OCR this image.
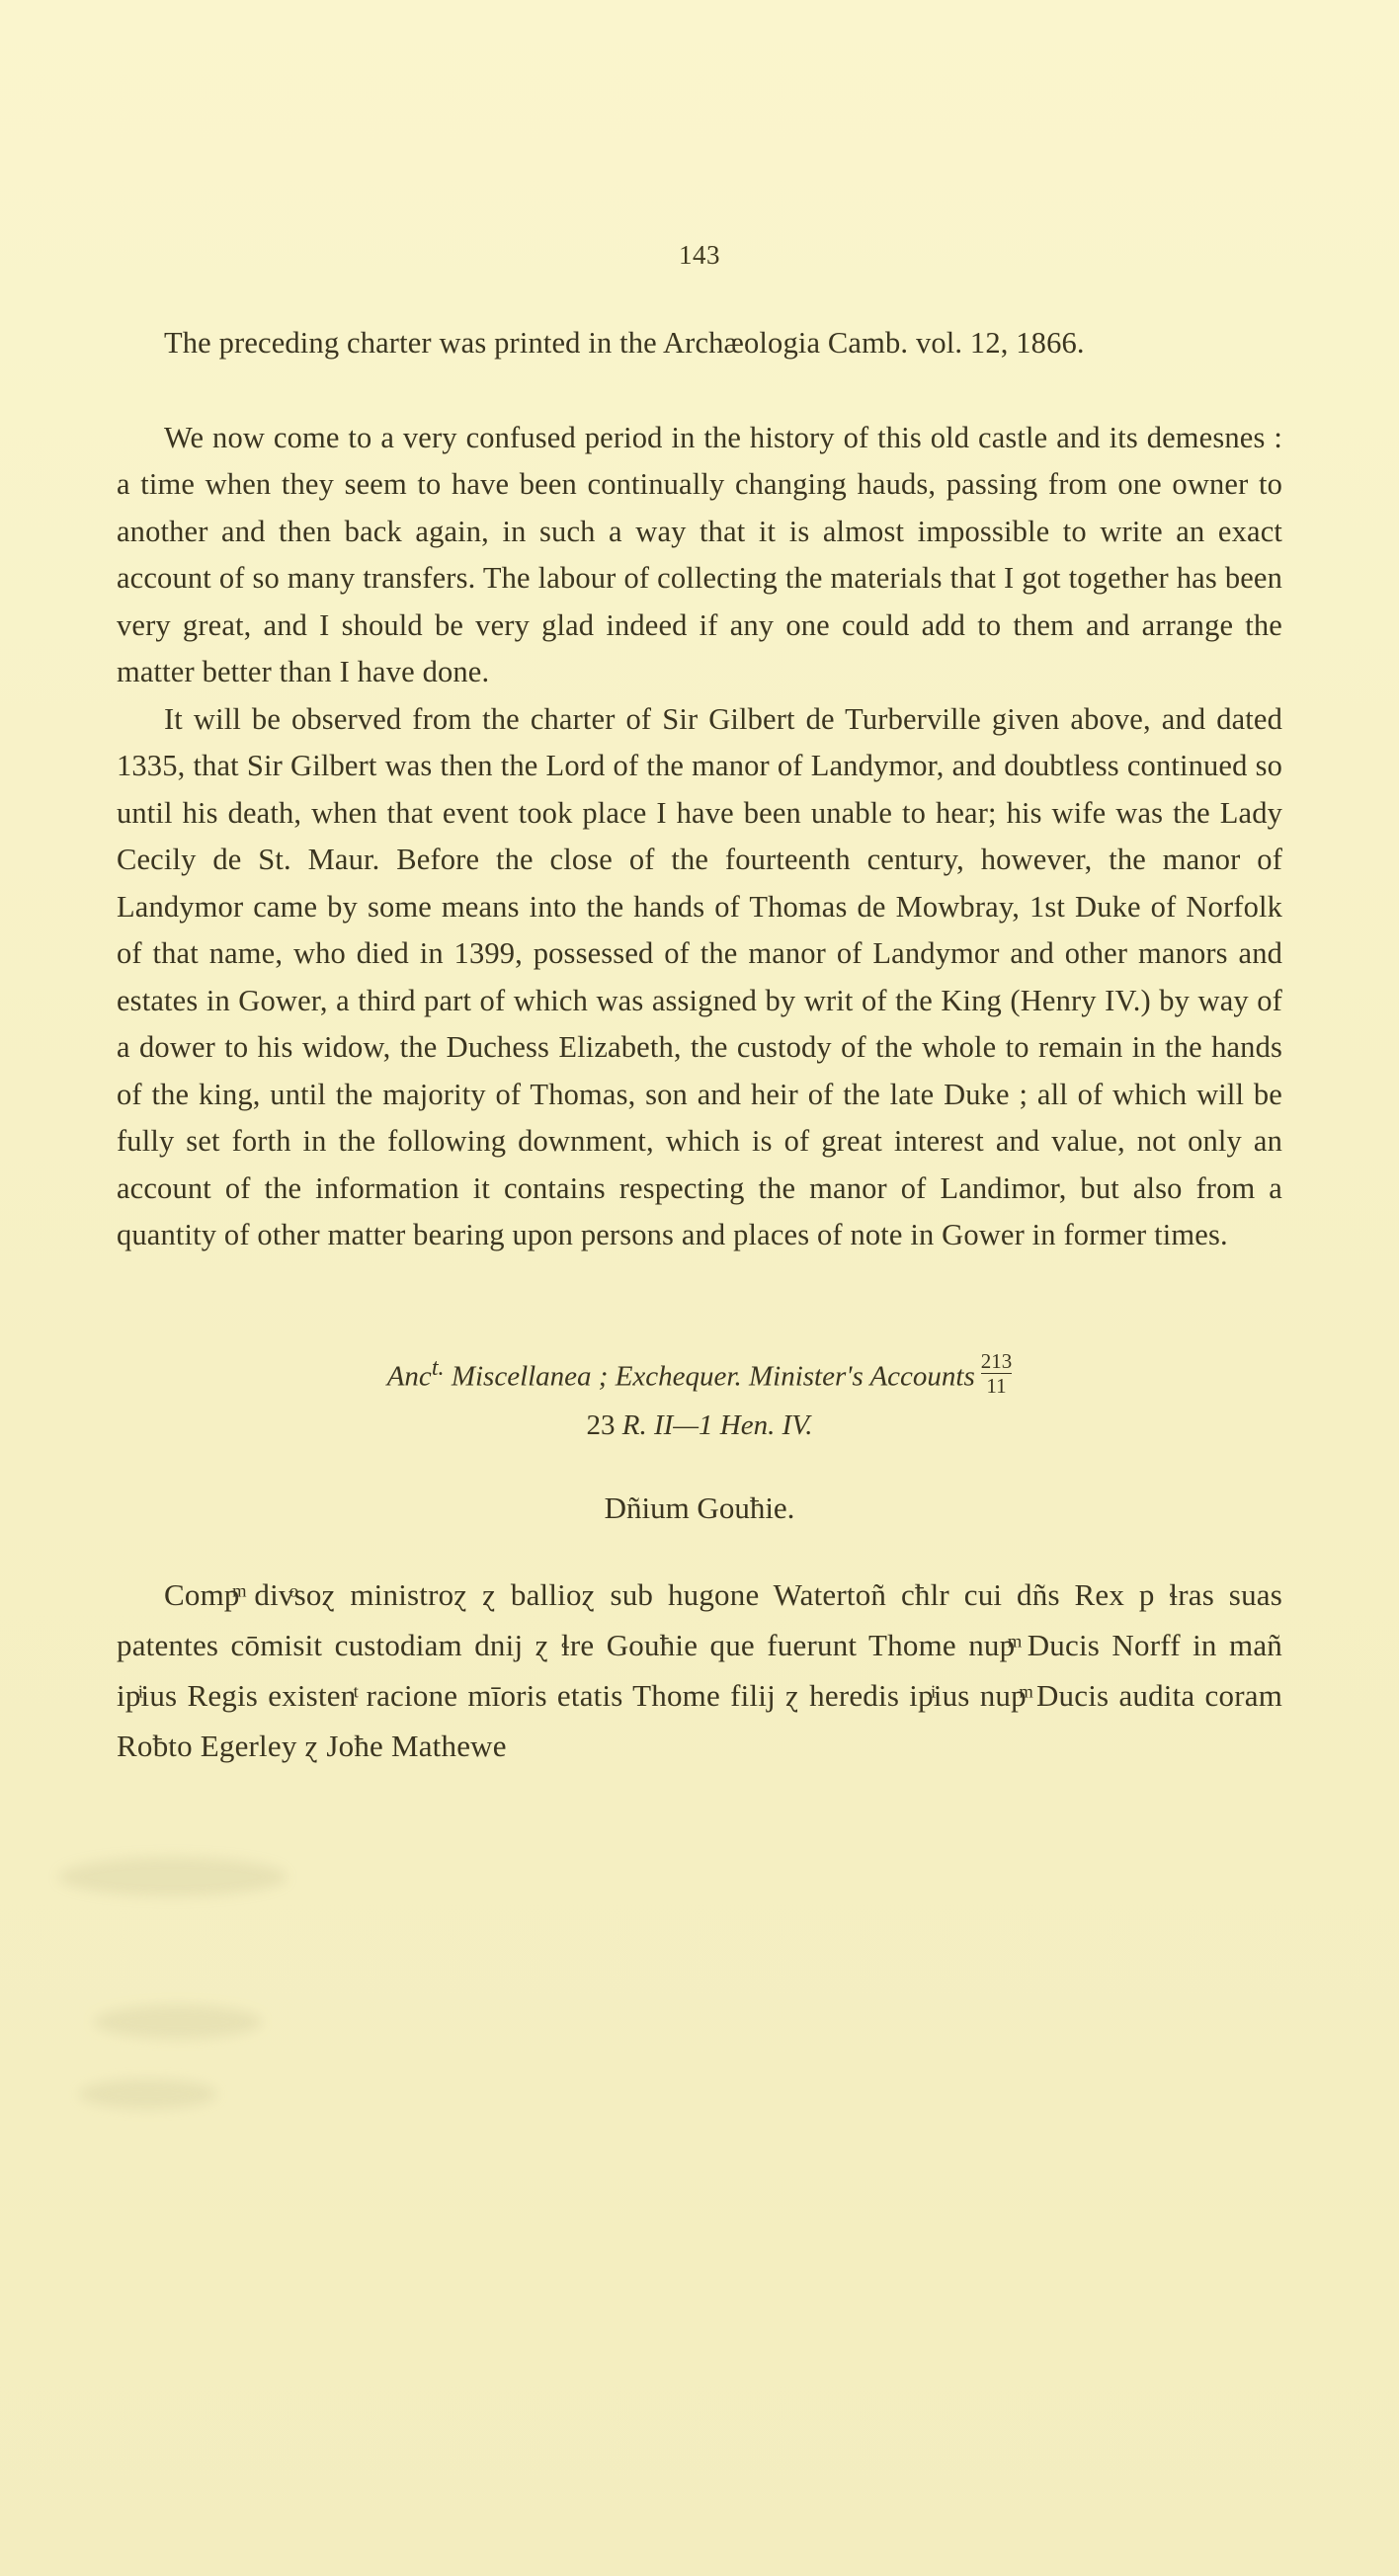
143

The preceding charter was printed in the Archæologia Camb. vol. 12, 1866.

We now come to a very confused period in the history of this old castle and its demesnes : a time when they seem to have been continually changing hauds, passing from one owner to another and then back again, in such a way that it is almost impossible to write an exact account of so many transfers. The labour of collecting the materials that I got together has been very great, and I should be very glad indeed if any one could add to them and arrange the matter better than I have done.

It will be observed from the charter of Sir Gilbert de Turberville given above, and dated 1335, that Sir Gilbert was then the Lord of the manor of Landymor, and doubtless continued so until his death, when that event took place I have been unable to hear; his wife was the Lady Cecily de St. Maur. Before the close of the fourteenth century, however, the manor of Landymor came by some means into the hands of Thomas de Mowbray, 1st Duke of Norfolk of that name, who died in 1399, possessed of the manor of Landymor and other manors and estates in Gower, a third part of which was assigned by writ of the King (Henry IV.) by way of a dower to his widow, the Duchess Elizabeth, the custody of the whole to remain in the hands of the king, until the majority of Thomas, son and heir of the late Duke ; all of which will be fully set forth in the following downment, which is of great interest and value, not only an account of the information it contains respecting the manor of Landimor, but also from a quantity of other matter bearing upon persons and places of note in Gower in former times.

Anc$^{t.}$ Miscellanea ; Exchequer. Minister's Accounts $\frac{213}{11}$
23 R. II—1 Hen. IV.
Dñium Gouħie.
Compͫ divͦsoɀ ministroɀ ɀ ballioɀ sub hugone Watertoñ cħlr cui dñs Rex p ɬras suas patentes cōmisit custodiam dnij ɀ ɬre Gouħie que fuerunt Thome nupͫ Ducis Norff in mañ ipͥius Regis existenͭ racione mīoris etatis Thome filij ɀ heredis ipͥius nupͫ Ducis audita coram Roƀto Egerley ɀ Joħe Mathewe
